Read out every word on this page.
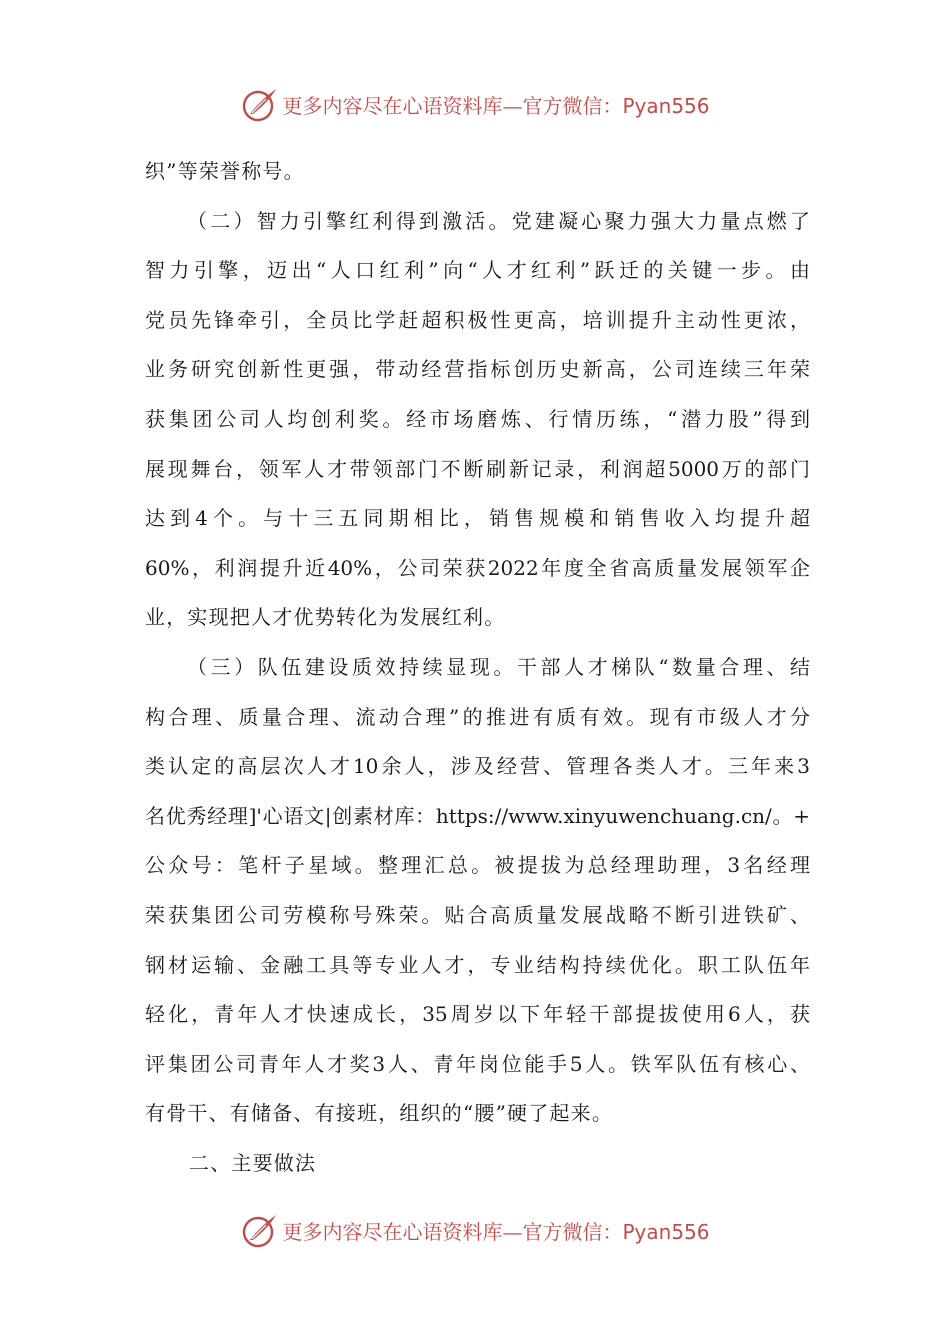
更多内容尽在心语资料库—官方微信：Pyan556
织”等荣誉称号。
（二）智力引擎红利得到激活。党建凝心聚力强大力量点燃了
智力引擎，迈出“人口红利”向“人才红利”跃迁的关键一步。由
党员先锋牵引，全员比学赶超积极性更高，培训提升主动性更浓，
业务研究创新性更强，带动经营指标创历史新高，公司连续三年荣
获集团公司人均创利奖。经市场磨炼、行情历练，“潜力股”得到
展现舞台，领军人才带领部门不断刷新记录，利润超5000万的部门
达到4个。与十三五同期相比，销售规模和销售收入均提升超
60%，利润提升近40%，公司荣获2022年度全省高质量发展领军企
业，实现把人才优势转化为发展红利。
（三）队伍建设质效持续显现。干部人才梯队“数量合理、结
构合理、质量合理、流动合理”的推进有质有效。现有市级人才分
类认定的高层次人才10余人，涉及经营、管理各类人才。三年来3
名优秀经理]'心语文|创素材库：https://www.xinyuwenchuang.cn/。+
公众号：笔杆子星域。整理汇总。被提拔为总经理助理，3名经理
荣获集团公司劳模称号殊荣。贴合高质量发展战略不断引进铁矿、
钢材运输、金融工具等专业人才，专业结构持续优化。职工队伍年
轻化，青年人才快速成长，35周岁以下年轻干部提拔使用6人，获
评集团公司青年人才奖3人、青年岗位能手5人。铁军队伍有核心、
有骨干、有储备、有接班，组织的“腰”硬了起来。
二、主要做法
更多内容尽在心语资料库—官方微信：Pyan556
